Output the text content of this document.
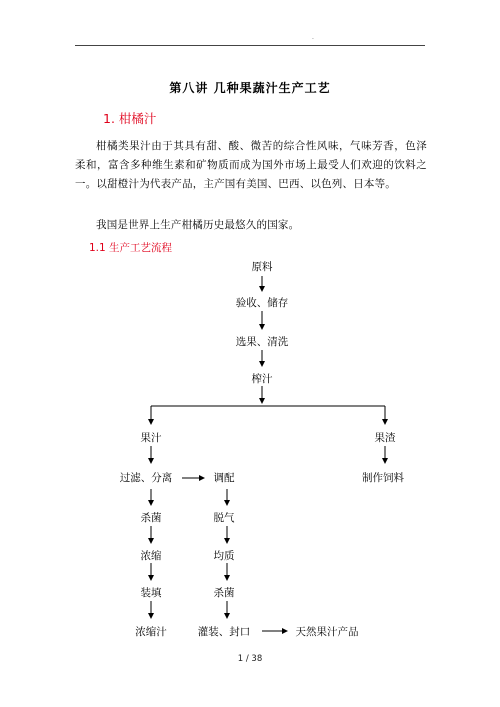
.
第八讲 几种果蔬汁生产工艺
1. 柑橘汁
柑橘类果汁由于其具有甜、酸、微苦的综合性风味，气味芳香，色泽柔和，富含多种维生素和矿物质而成为国外市场上最受人们欢迎的饮料之一。以甜橙汁为代表产品，主产国有美国、巴西、以色列、日本等。
我国是世界上生产柑橘历史最悠久的国家。
1.1 生产工艺流程
原料
验收、储存
选果、清洗
榨汁
果汁	果渣
过滤、分离	调配	制作饲料
杀菌	脱气
浓缩	均质
装填	杀菌
浓缩汁	灌装、封口	天然果汁产品
1 / 38
